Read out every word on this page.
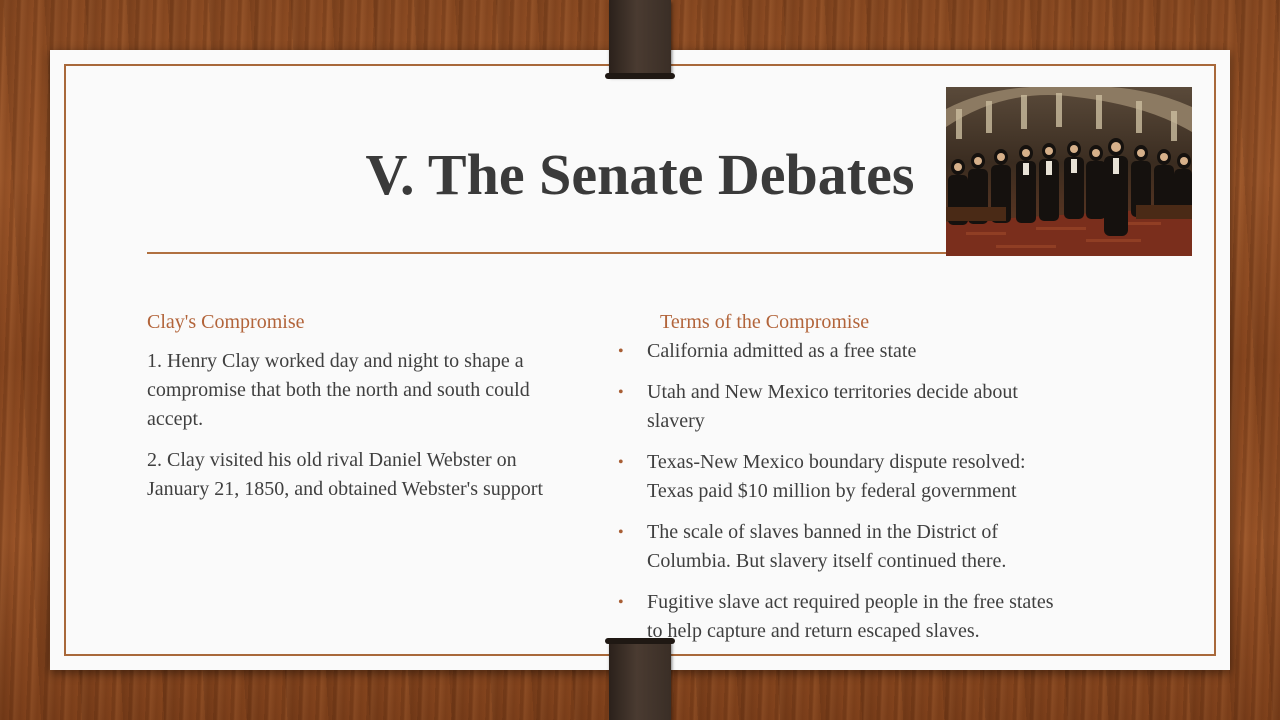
V. The Senate Debates
Clay's Compromise	Terms of the Compromise

1. Henry Clay worked day and night to shape a
compromise that both the north and south could
accept.

2. Clay visited his old rival Daniel Webster on
January 21, 1850, and obtained Webster's support

• California admitted as a free state
• Utah and New Mexico territories decide about
slavery
• Texas-New Mexico boundary dispute resolved:
Texas paid $10 million by federal government
• The scale of slaves banned in the District of
Columbia. But slavery itself continued there.
• Fugitive slave act required people in the free states
to help capture and return escaped slaves.
